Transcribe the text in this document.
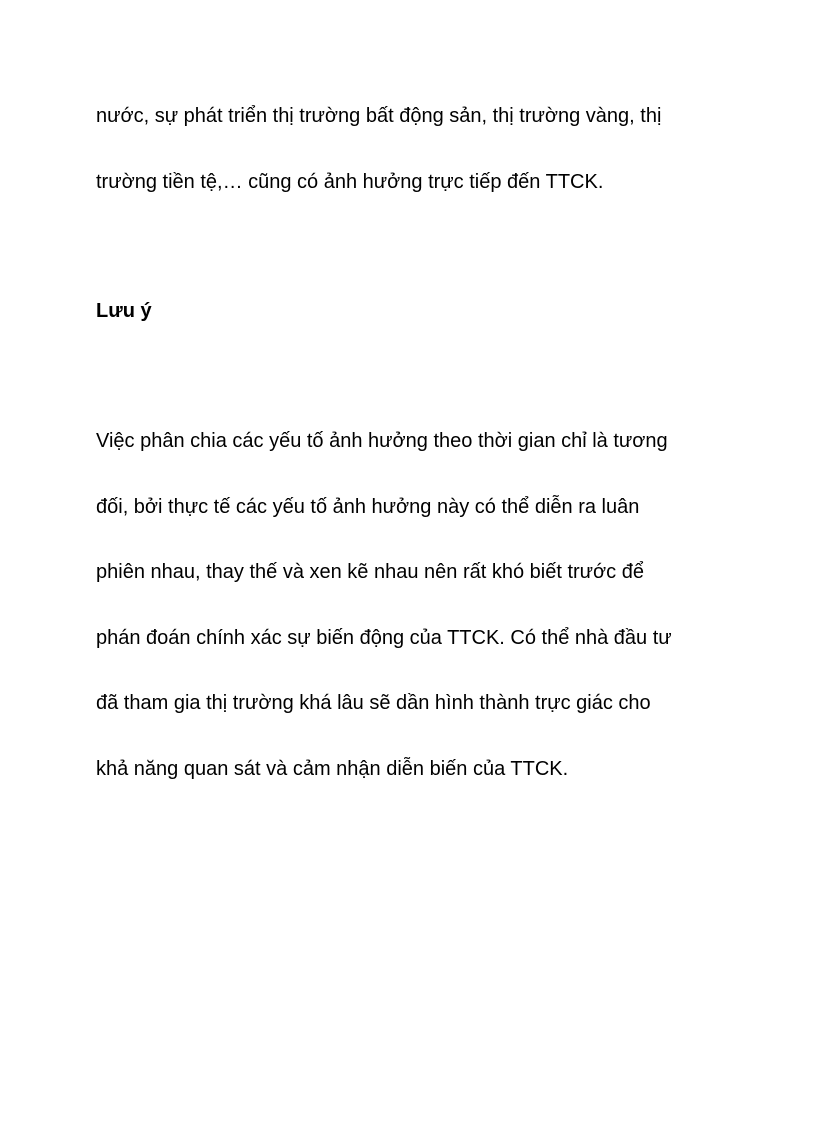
nước, sự phát triển thị trường bất động sản, thị trường vàng, thị

trường tiền tệ,… cũng có ảnh hưởng trực tiếp đến TTCK.

Lưu ý

Việc phân chia các yếu tố ảnh hưởng theo thời gian chỉ là tương

đối, bởi thực tế các yếu tố ảnh hưởng này có thể diễn ra luân

phiên nhau, thay thế và xen kẽ nhau nên rất khó biết trước để

phán đoán chính xác sự biến động của TTCK. Có thể nhà đầu tư

đã tham gia thị trường khá lâu sẽ dần hình thành trực giác cho

khả năng quan sát và cảm nhận diễn biến của TTCK.
